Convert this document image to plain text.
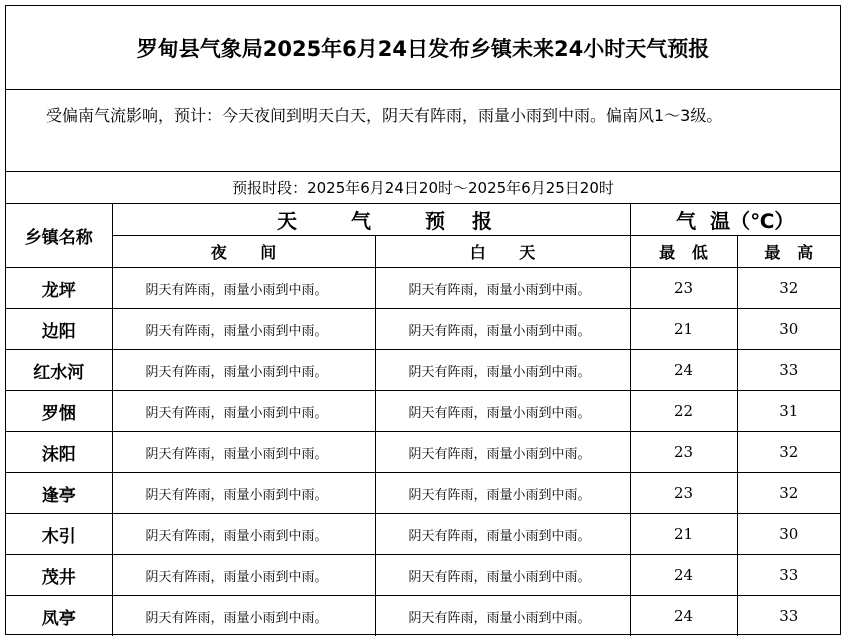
罗甸县气象局2025年6月24日发布乡镇未来24小时天气预报
受偏南气流影响，预计：今天夜间到明天白天，阴天有阵雨，雨量小雨到中雨。偏南风1～3级。
预报时段：2025年6月24日20时～2025年6月25日20时
乡镇名称	天 气 预 报		气  温（℃）	
	夜      间	白      天	最   低	最   高
龙坪	阴天有阵雨，雨量小雨到中雨。	阴天有阵雨，雨量小雨到中雨。	23	32
边阳	阴天有阵雨，雨量小雨到中雨。	阴天有阵雨，雨量小雨到中雨。	21	30
红水河	阴天有阵雨，雨量小雨到中雨。	阴天有阵雨，雨量小雨到中雨。	24	33
罗悃	阴天有阵雨，雨量小雨到中雨。	阴天有阵雨，雨量小雨到中雨。	22	31
沫阳	阴天有阵雨，雨量小雨到中雨。	阴天有阵雨，雨量小雨到中雨。	23	32
逢亭	阴天有阵雨，雨量小雨到中雨。	阴天有阵雨，雨量小雨到中雨。	23	32
木引	阴天有阵雨，雨量小雨到中雨。	阴天有阵雨，雨量小雨到中雨。	21	30
茂井	阴天有阵雨，雨量小雨到中雨。	阴天有阵雨，雨量小雨到中雨。	24	33
凤亭	阴天有阵雨，雨量小雨到中雨。	阴天有阵雨，雨量小雨到中雨。	24	33
